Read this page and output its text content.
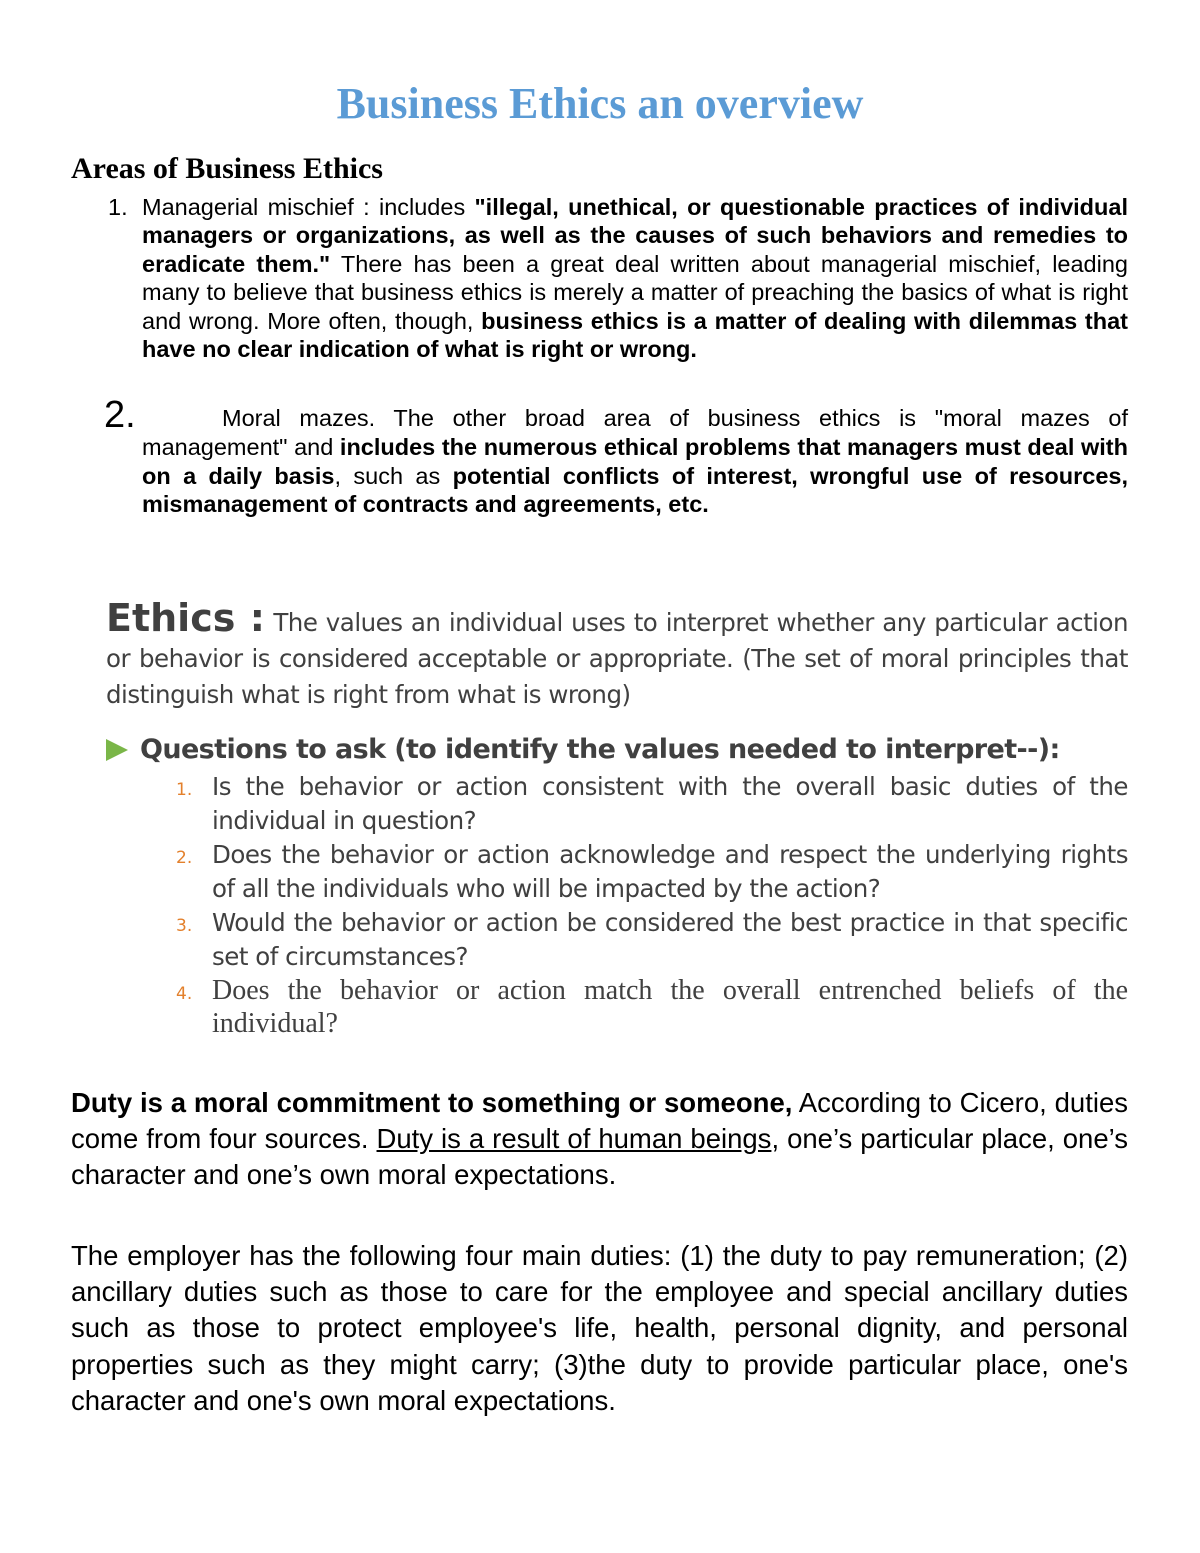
Business Ethics an overview
Areas of Business Ethics
1. Managerial mischief : includes "illegal, unethical, or questionable practices of individual managers or organizations, as well as the causes of such behaviors and remedies to eradicate them." There has been a great deal written about managerial mischief, leading many to believe that business ethics is merely a matter of preaching the basics of what is right and wrong. More often, though, business ethics is a matter of dealing with dilemmas that have no clear indication of what is right or wrong.
2.	Moral mazes. The other broad area of business ethics is "moral mazes of management" and includes the numerous ethical problems that managers must deal with on a daily basis, such as potential conflicts of interest, wrongful use of resources, mismanagement of contracts and agreements, etc.
Ethics : The values an individual uses to interpret whether any particular action or behavior is considered acceptable or appropriate. (The set of moral principles that distinguish what is right from what is wrong)
Questions to ask (to identify the values needed to interpret--):
1. Is the behavior or action consistent with the overall basic duties of the individual in question?
2. Does the behavior or action acknowledge and respect the underlying rights of all the individuals who will be impacted by the action?
3. Would the behavior or action be considered the best practice in that specific set of circumstances?
4. Does the behavior or action match the overall entrenched beliefs of the individual?
Duty is a moral commitment to something or someone, According to Cicero, duties come from four sources. Duty is a result of human beings, one’s particular place, one’s character and one’s own moral expectations.
The employer has the following four main duties: (1) the duty to pay remuneration; (2) ancillary duties such as those to care for the employee and special ancillary duties such as those to protect employee's life, health, personal dignity, and personal properties such as they might carry; (3)the duty to provide particular place, one's character and one's own moral expectations.
